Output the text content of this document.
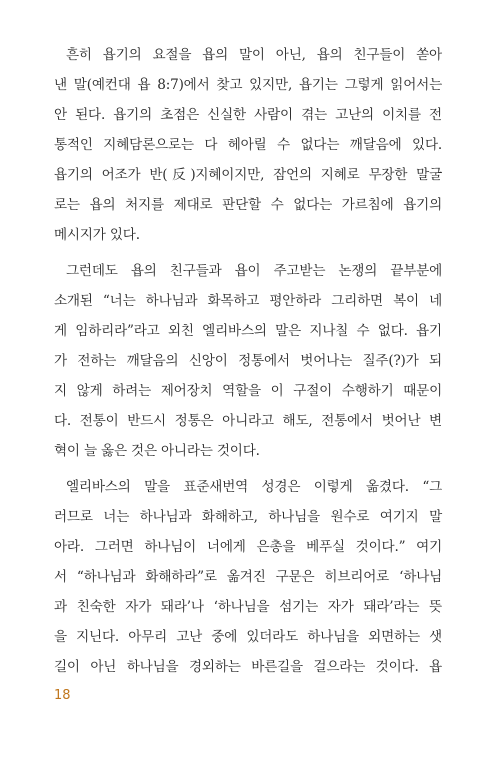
흔히 욥기의 요절을 욥의 말이 아닌, 욥의 친구들이 쏟아
낸 말(예컨대 욥 8:7)에서 찾고 있지만, 욥기는 그렇게 읽어서는
안 된다. 욥기의 초점은 신실한 사람이 겪는 고난의 이치를 전
통적인 지혜담론으로는 다 헤아릴 수 없다는 깨달음에 있다.
욥기의 어조가 반(反)지혜이지만, 잠언의 지혜로 무장한 말굴
로는 욥의 처지를 제대로 판단할 수 없다는 가르침에 욥기의
메시지가 있다.
그런데도 욥의 친구들과 욥이 주고받는 논쟁의 끝부분에
소개된 “너는 하나님과 화목하고 평안하라 그리하면 복이 네
게 임하리라”라고 외친 엘리바스의 말은 지나칠 수 없다. 욥기
가 전하는 깨달음의 신앙이 정통에서 벗어나는 질주(?)가 되
지 않게 하려는 제어장치 역할을 이 구절이 수행하기 때문이
다. 전통이 반드시 정통은 아니라고 해도, 전통에서 벗어난 변
혁이 늘 옳은 것은 아니라는 것이다.
엘리바스의 말을 표준새번역 성경은 이렇게 옮겼다. “그
러므로 너는 하나님과 화해하고, 하나님을 원수로 여기지 말
아라. 그러면 하나님이 너에게 은총을 베푸실 것이다.” 여기
서 “하나님과 화해하라”로 옮겨진 구문은 히브리어로 ‘하나님
과 친숙한 자가 돼라’나 ‘하나님을 섬기는 자가 돼라’라는 뜻
을 지닌다. 아무리 고난 중에 있더라도 하나님을 외면하는 샛
길이 아닌 하나님을 경외하는 바른길을 걸으라는 것이다. 욥
18
